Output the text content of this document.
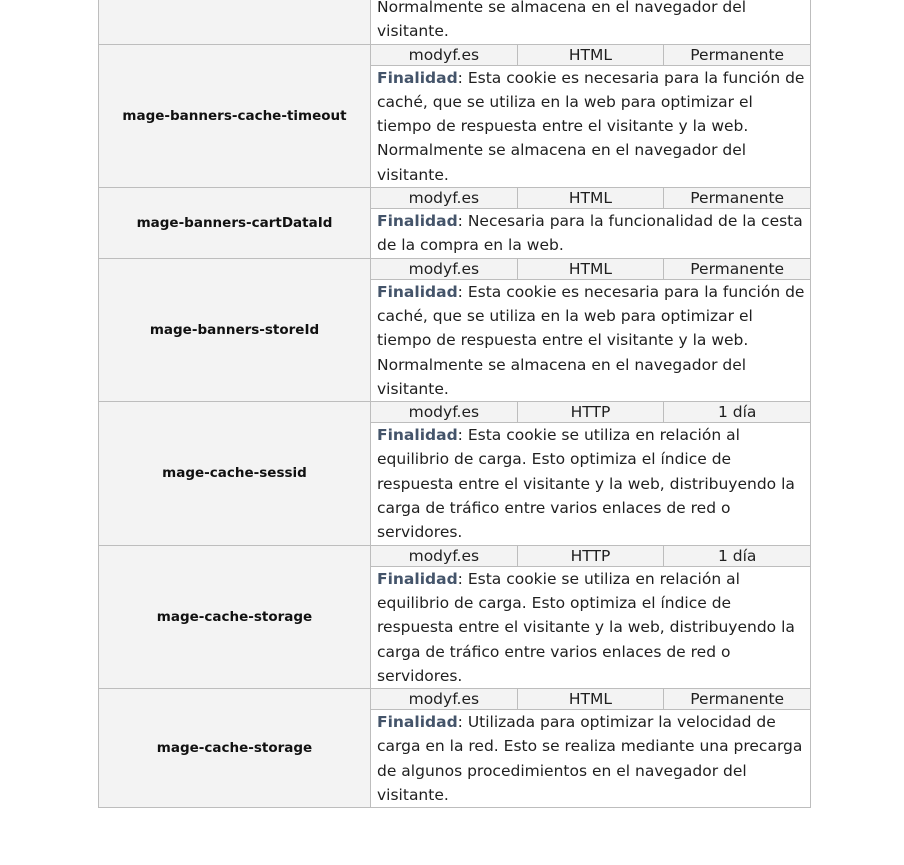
	Normalmente se almacena en el navegador del visitante.		
mage-banners-cache-timeout	modyf.es	HTML	Permanente
	Finalidad: Esta cookie es necesaria para la función de caché, que se utiliza en la web para optimizar el tiempo de respuesta entre el visitante y la web. Normalmente se almacena en el navegador del visitante.		
mage-banners-cartDataId	modyf.es	HTML	Permanente
	Finalidad: Necesaria para la funcionalidad de la cesta de la compra en la web.		
mage-banners-storeId	modyf.es	HTML	Permanente
	Finalidad: Esta cookie es necesaria para la función de caché, que se utiliza en la web para optimizar el tiempo de respuesta entre el visitante y la web. Normalmente se almacena en el navegador del visitante.		
mage-cache-sessid	modyf.es	HTTP	1 día
	Finalidad: Esta cookie se utiliza en relación al equilibrio de carga. Esto optimiza el índice de respuesta entre el visitante y la web, distribuyendo la carga de tráfico entre varios enlaces de red o servidores.		
mage-cache-storage	modyf.es	HTTP	1 día
	Finalidad: Esta cookie se utiliza en relación al equilibrio de carga. Esto optimiza el índice de respuesta entre el visitante y la web, distribuyendo la carga de tráfico entre varios enlaces de red o servidores.		
mage-cache-storage	modyf.es	HTML	Permanente
	Finalidad: Utilizada para optimizar la velocidad de carga en la red. Esto se realiza mediante una precarga de algunos procedimientos en el navegador del visitante.		
